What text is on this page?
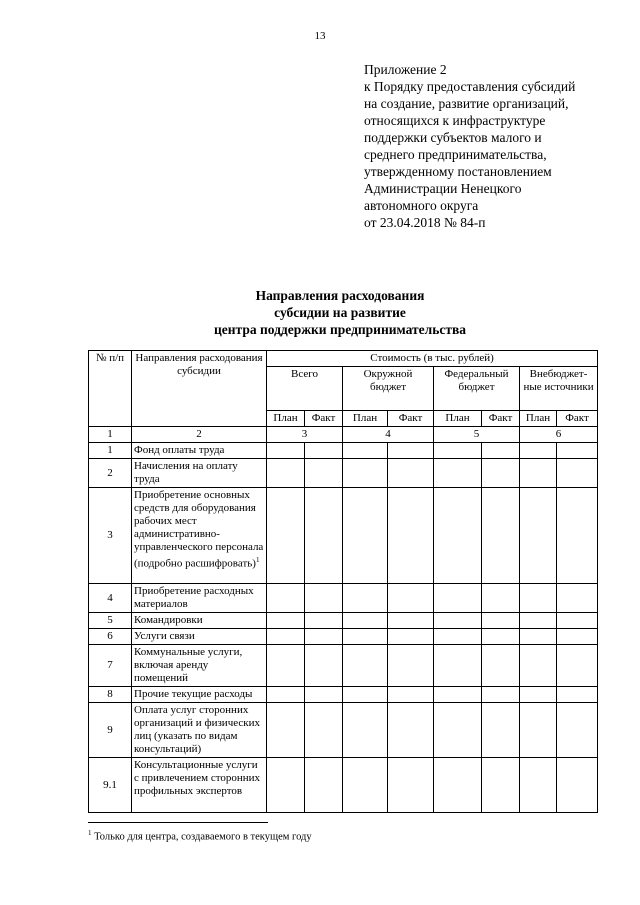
13
Приложение 2
к Порядку предоставления субсидий
на создание, развитие организаций,
относящихся к инфраструктуре
поддержки субъектов малого и
среднего предпринимательства,
утвержденному постановлением
Администрации Ненецкого
автономного округа
от 23.04.2018 № 84-п
Направления расходования
субсидии на развитие
центра поддержки предпринимательства
№ п/п	Направления расходования субсидии	Стоимость (в тыс. рублей)							
		Всего		Окружной бюджет		Федеральный бюджет		Внебюджет-ные источники	
		План	Факт	План	Факт	План	Факт	План	Факт
1	2	3		4		5		6	
1	Фонд оплаты труда								
2	Начисления на оплату труда								
3	Приобретение основных средств для оборудования рабочих мест административно-управленческого персонала (подробно расшифровать)$^1$								
4	Приобретение расходных материалов								
5	Командировки								
6	Услуги связи								
7	Коммунальные услуги, включая аренду помещений								
8	Прочие текущие расходы								
9	Оплата услуг сторонних организаций и физических лиц (указать по видам консультаций)								
9.1	Консультационные услуги с привлечением сторонних профильных экспертов								
$^1$ Только для центра, создаваемого в текущем году
